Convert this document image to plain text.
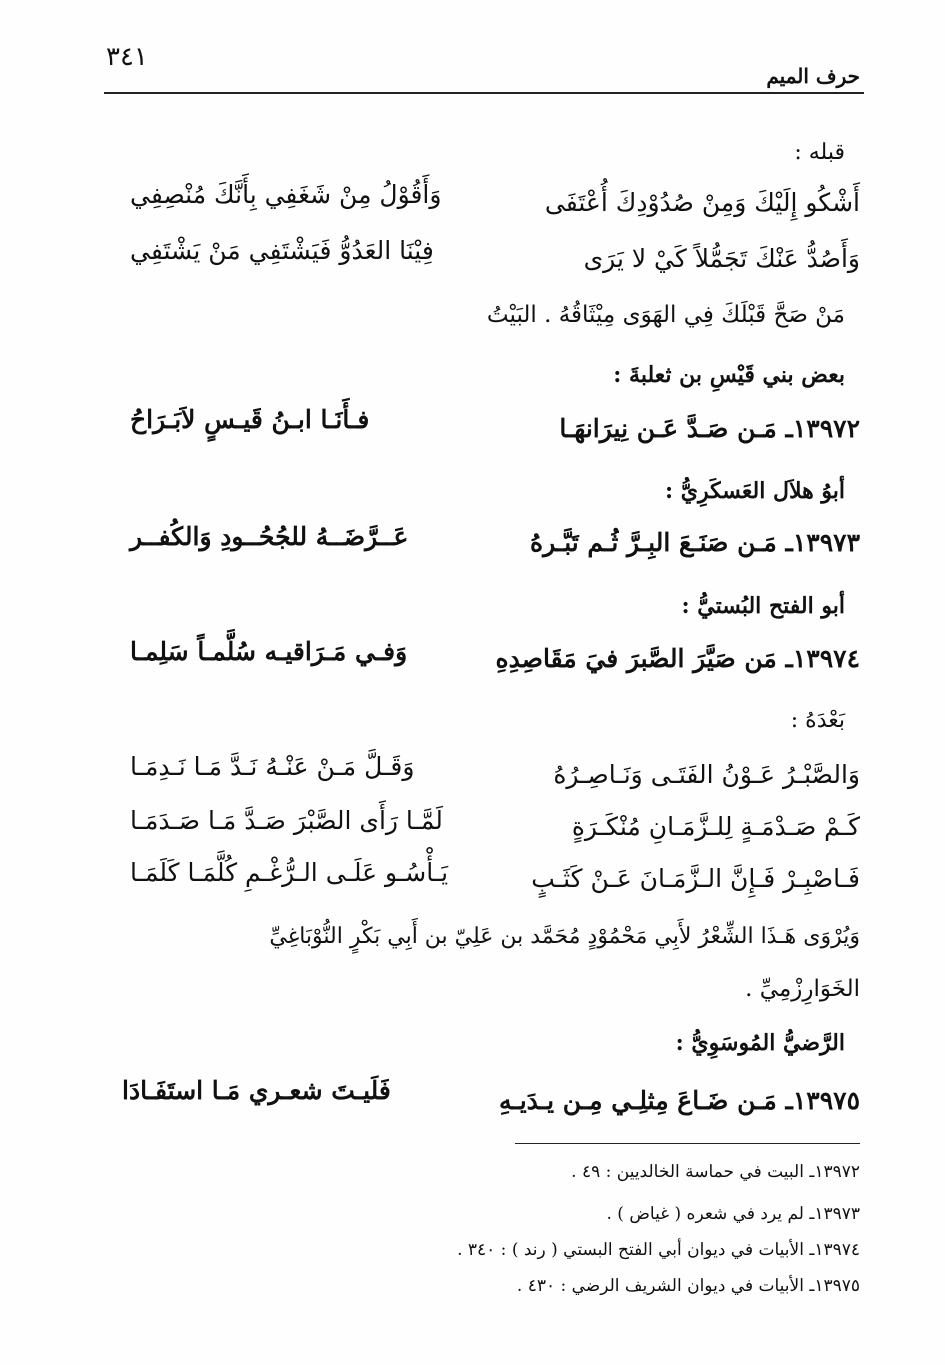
٣٤١
حرف الميم
قبله :
أَشْكُو إِلَيْكَ وَمِنْ صُدُوْدِكَ أُعْتَفَى
وَأَقُوْلُ مِنْ شَغَفِي بِأَنَّكَ مُنْصِفِي
وَأَصُدُّ عَنْكَ تَجَمُّلاً كَيْ لا يَرَى
فِيْنَا العَدُوُّ فَيَشْتَفِي مَنْ يَشْتَفِي
مَنْ صَحَّ قَبْلَكَ فِي الهَوَى مِيْثَاقُهُ . البَيْتُ
بعض بني قَيْسِ بن ثعلبةَ :
١٣٩٧٢ـ مَـن صَـدَّ عَـن نِيرَانهَـا
فـأَنَـا ابـنُ قَيـسٍ لاَبَـرَاحُ
أبوُ هلاَل العَسكَرِيُّ :
١٣٩٧٣ـ مَـن صَنَـعَ البِـرَّ ثُـم تَبَّـرهُ
عَــرَّضَــهُ للجُحُــودِ وَالكُفــر
أبو الفتح البُستيُّ :
١٣٩٧٤ـ مَن صَيَّرَ الصَّبرَ فيَ مَقَاصِدِهِ
وَفـي مَـرَاقيـه سُلَّمـاً سَلِمـا
بَعْدَهُ :
وَالصَّبْـرُ عَـوْنُ الفَتَـى وَنَـاصِـرُهُ
وَقَـلَّ مَـنْ عَنْـهُ نَـدَّ مَـا نَـدِمَـا
كَـمْ صَـدْمَـةٍ لِلـزَّمَـانِ مُنْكَـرَةٍ
لَمَّـا رَأَى الصَّبْرَ صَـدَّ مَـا صَـدَمَـا
فَـاصْبِـرْ فَـإِنَّ الـزَّمَـانَ عَـنْ كَثَـبٍ
يَـأْسُـو عَلَـى الـرُّغْـمِ كُلَّمَـا كَلَمَـا
وَيُرْوَى هَـذَا الشِّعْرُ لأَبِي مَحْمُوْدٍ مُحَمَّد بن عَلِيّ بن أَبِي بَكْرٍ النُّوْبَاغِيِّ
الخَوَارِزْمِيِّ .
الرَّضيُّ المُوسَوِيُّ :
١٣٩٧٥ـ مَـن ضَـاعَ مِثلِـي مِـن يـدَيـهِ
فَلَيـتَ شعـري مَـا استَفَـادَا
١٣٩٧٢ـ البيت في حماسة الخالديين : ٤٩ .
١٣٩٧٣ـ لم يرد في شعره ( غياض ) .
١٣٩٧٤ـ الأبيات في ديوان أبي الفتح البستي ( رند ) : ٣٤٠ .
١٣٩٧٥ـ الأبيات في ديوان الشريف الرضي : ٤٣٠ .
